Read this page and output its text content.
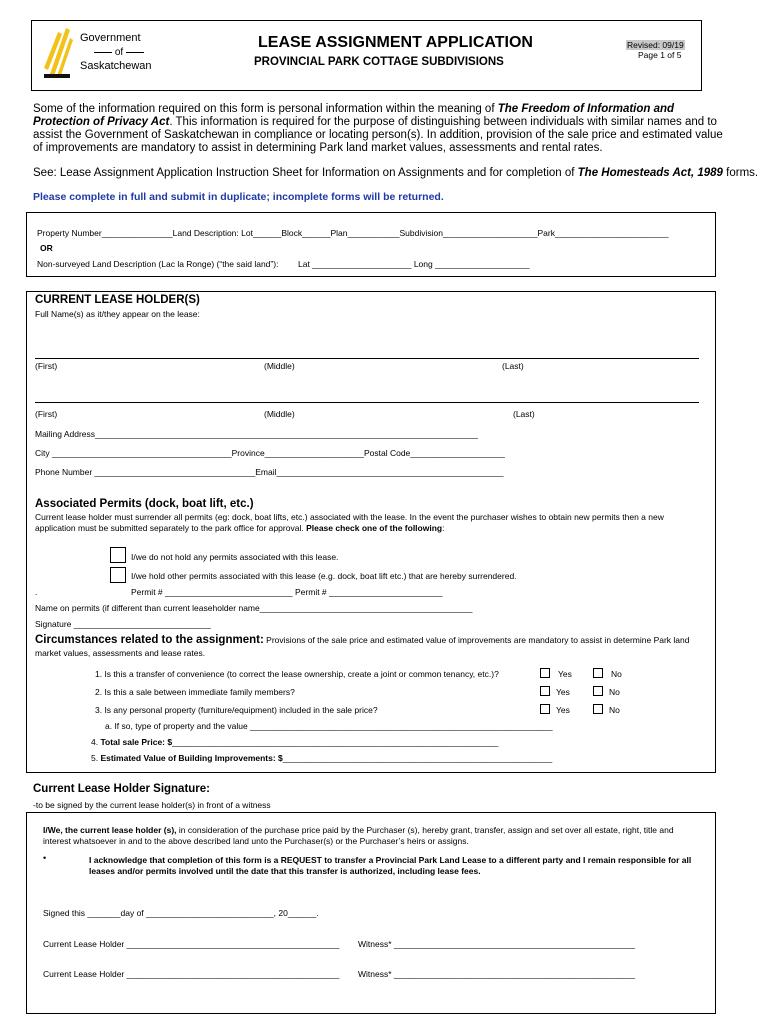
Government
of
Saskatchewan
LEASE ASSIGNMENT APPLICATION
PROVINCIAL PARK COTTAGE SUBDIVISIONS
Revised: 09/19
Page 1 of 5
Some of the information required on this form is personal information within the meaning of The Freedom of Information and Protection of Privacy Act. This information is required for the purpose of distinguishing between individuals with similar names and to assist the Government of Saskatchewan in compliance or locating person(s). In addition, provision of the sale price and estimated value of improvements are mandatory to assist in determining Park land market values, assessments and rental rates.
See: Lease Assignment Application Instruction Sheet for Information on Assignments and for completion of The Homesteads Act, 1989 forms.
Please complete in full and submit in duplicate; incomplete forms will be returned.
Property Number_______________Land Description: Lot______Block______Plan___________Subdivision____________________Park________________________
OR
Non-surveyed Land Description (Lac la Ronge) (“the said land”): Lat _____________________ Long ____________________
CURRENT LEASE HOLDER(S)
Full Name(s) as it/they appear on the lease:
(First)	(Middle)	(Last)
(First)	(Middle)	(Last)
Mailing Address_________________________________________________________________________________
City ______________________________________Province_____________________Postal Code____________________
Phone Number __________________________________Email________________________________________________
Associated Permits (dock, boat lift, etc.)
Current lease holder must surrender all permits (eg: dock, boat lifts, etc.) associated with the lease. In the event the purchaser wishes to obtain new permits then a new application must be submitted separately to the park office for approval. Please check one of the following:
I/we do not hold any permits associated with this lease.
I/we hold other permits associated with this lease (e.g. dock, boat lift etc.) that are hereby surrendered.
.	Permit # ___________________________ Permit # ________________________
Name on permits (if different than current leaseholder name_____________________________________________
Signature _____________________________
Circumstances related to the assignment: Provisions of the sale price and estimated value of improvements are mandatory to assist in determine Park land market values, assessments and lease rates.
1. Is this a transfer of convenience (to correct the lease ownership, create a joint or common tenancy, etc.)?	Yes	No
2. Is this a sale between immediate family members?	Yes	No
3. Is any personal property (furniture/equipment) included in the sale price?	Yes	No
a. If so, type of property and the value ________________________________________________________________
4. Total sale Price: $_____________________________________________________________________
5. Estimated Value of Building Improvements: $_________________________________________________________
Current Lease Holder Signature:
-to be signed by the current lease holder(s) in front of a witness
I/We, the current lease holder (s), in consideration of the purchase price paid by the Purchaser (s), hereby grant, transfer, assign and set over all estate, right, title and interest whatsoever in and to the above described land unto the Purchaser(s) or the Purchaser’s heirs or assigns.
•	I acknowledge that completion of this form is a REQUEST to transfer a Provincial Park Land Lease to a different party and I remain responsible for all leases and/or permits involved until the date that this transfer is authorized, including lease fees.
Signed this _______day of ___________________________, 20______.
Current Lease Holder _____________________________________________ Witness* ___________________________________________________
Current Lease Holder _____________________________________________ Witness* ___________________________________________________
